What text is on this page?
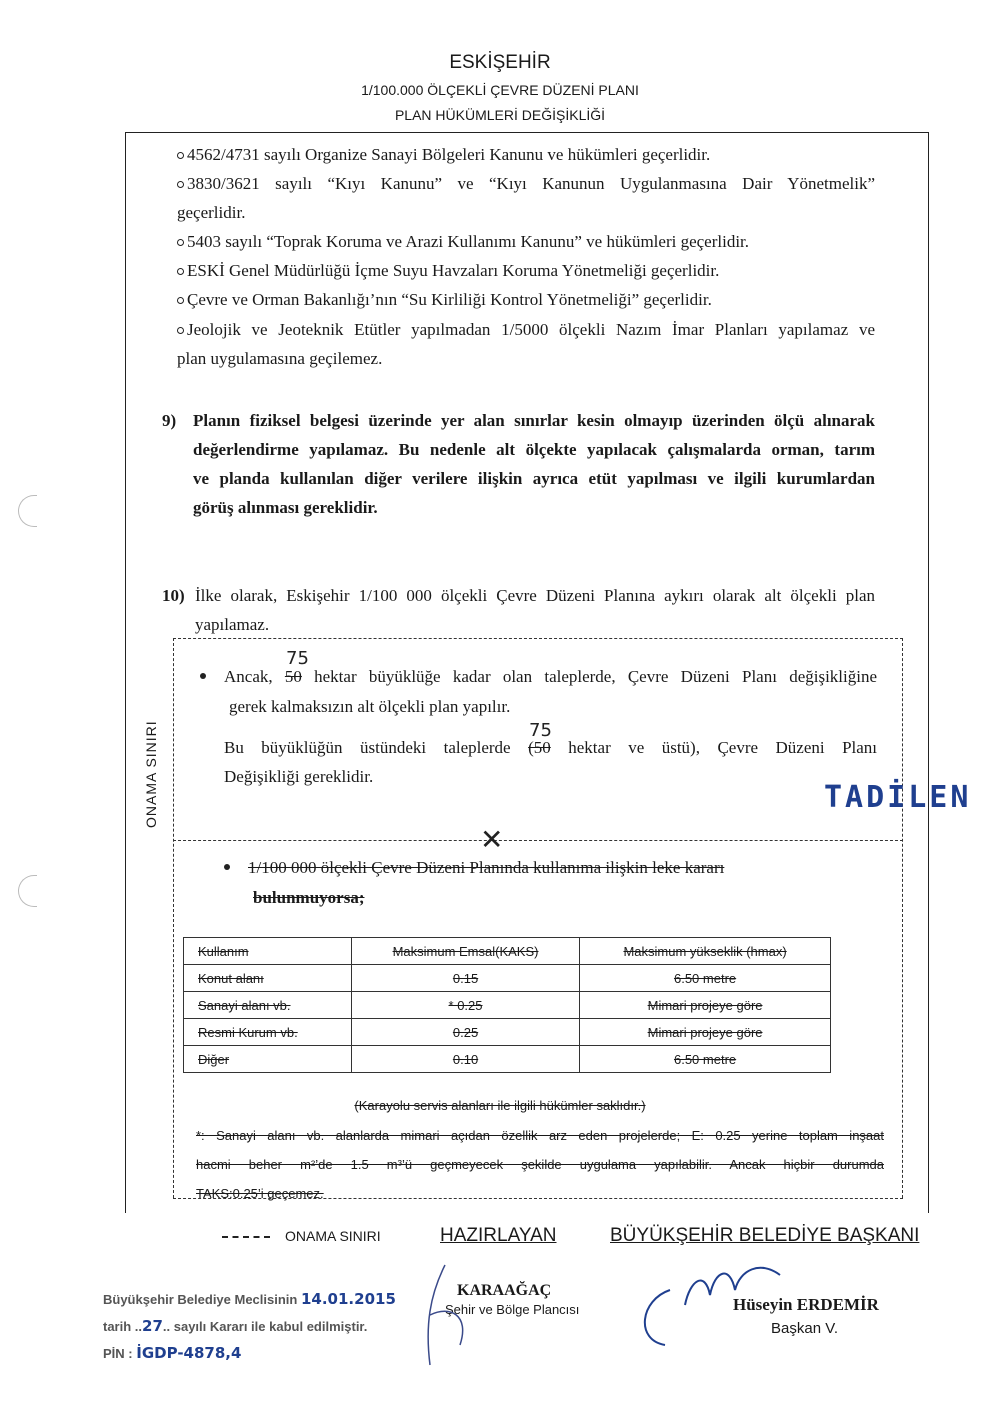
ESKİŞEHİR
1/100.000 ÖLÇEKLİ ÇEVRE DÜZENİ PLANI
PLAN HÜKÜMLERİ DEĞİŞİKLİĞİ
4562/4731 sayılı Organize Sanayi Bölgeleri Kanunu ve hükümleri geçerlidir.
3830/3621 sayılı “Kıyı Kanunu” ve “Kıyı Kanunun Uygulanmasına Dair Yönetmelik”
geçerlidir.
5403 sayılı “Toprak Koruma ve Arazi Kullanımı Kanunu” ve hükümleri geçerlidir.
ESKİ Genel Müdürlüğü İçme Suyu Havzaları Koruma Yönetmeliği geçerlidir.
Çevre ve Orman Bakanlığı’nın “Su Kirliliği Kontrol Yönetmeliği” geçerlidir.
Jeolojik ve Jeoteknik Etütler yapılmadan 1/5000 ölçekli Nazım İmar Planları yapılamaz ve
plan uygulamasına geçilemez.
9) Planın fiziksel belgesi üzerinde yer alan sınırlar kesin olmayıp üzerinden ölçü alınarak
değerlendirme yapılamaz. Bu nedenle alt ölçekte yapılacak çalışmalarda orman, tarım
ve planda kullanılan diğer verilere ilişkin ayrıca etüt yapılması ve ilgili kurumlardan
görüş alınması gereklidir.
10) İlke olarak, Eskişehir 1/100 000 ölçekli Çevre Düzeni Planına aykırı olarak alt ölçekli plan
yapılamaz.
ONAMA SINIRI
75
Ancak, 50 hektar büyüklüğe kadar olan taleplerde, Çevre Düzeni Planı değişikliğine
gerek kalmaksızın alt ölçekli plan yapılır.
75
Bu büyüklüğün üstündeki taleplerde (50 hektar ve üstü), Çevre Düzeni Planı
Değişikliği gereklidir.
TADİLEN
✕
1/100 000 ölçekli Çevre Düzeni Planında kullanıma ilişkin leke kararı
bulunmuyorsa;
Kullanım	Maksimum Emsal(KAKS)	Maksimum yükseklik (hmax)
Konut alanı	0.15	6.50 metre
Sanayi alanı vb.	* 0.25	Mimari projeye göre
Resmi Kurum vb.	0.25	Mimari projeye göre
Diğer	0.10	6.50 metre
(Karayolu servis alanları ile ilgili hükümler saklıdır.)
*: Sanayi alanı vb. alanlarda mimari açıdan özellik arz eden projelerde; E: 0.25 yerine toplam inşaat
hacmi beher m²’de 1.5 m³’ü geçmeyecek şekilde uygulama yapılabilir. Ancak hiçbir durumda
TAKS:0.25’i geçemez.
ONAMA SINIRI	HAZIRLAYAN	BÜYÜKŞEHİR BELEDİYE BAŞKANI
KARAAĞAÇ
Şehir ve Bölge Plancısı	Hüseyin ERDEMİR
Başkan V.
Büyükşehir Belediye Meclisinin 14.01.2015
tarih ..27.. sayılı Kararı ile kabul edilmiştir.
PİN : İGDP-4878,4
